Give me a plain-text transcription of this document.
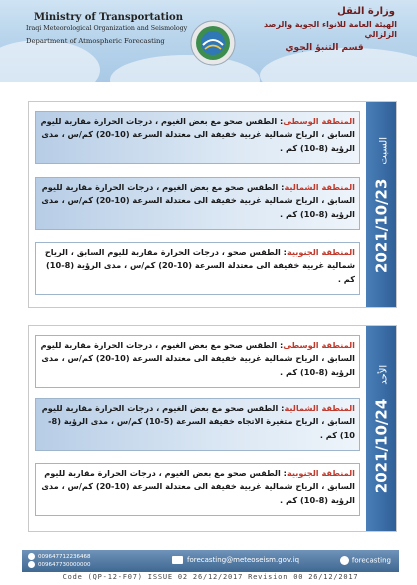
Ministry of Transportation
Iraqi Meteorological Organization and Seismology
Department of Atmospheric Forecasting
وزارة النقل
الهيئة العامة للانواء الجوية والرصد الزلزالي
قسم التنبؤ الجوي
2021/10/23السبت
المنطقة الوسطى: الطقس صحو مع بعض الغيوم ، درجات الحرارة مقاربة لليوم السابق ، الرياح شمالية غربية خفيفة الى معتدلة السرعة (10-20) كم/س ، مدى الرؤية (8-10) كم .
المنطقة الشمالية: الطقس صحو مع بعض الغيوم ، درجات الحرارة مقاربة لليوم السابق ، الرياح شمالية غربية خفيفة الى معتدلة السرعة (10-20) كم/س ، مدى الرؤية (8-10) كم .
المنطقة الجنوبية: الطقس صحو ، درجات الحرارة مقاربة لليوم السابق ، الرياح شمالية غربية خفيفة الى معتدلة السرعة (10-20) كم/س ، مدى الرؤية (8-10) كم .
2021/10/24الأحد
المنطقة الوسطى: الطقس صحو مع بعض الغيوم ، درجات الحرارة مقاربة لليوم السابق ، الرياح شمالية غربية خفيفة الى معتدلة السرعة (10-20) كم/س ، مدى الرؤية (8-10) كم .
المنطقة الشمالية: الطقس صحو مع بعض الغيوم ، درجات الحرارة مقاربة لليوم السابق ، الرياح متغيرة الاتجاه خفيفة السرعة (5-10) كم/س ، مدى الرؤية (8-10) كم .
المنطقة الجنوبية: الطقس صحو مع بعض الغيوم ، درجات الحرارة مقاربة لليوم السابق ، الرياح شمالية غربية خفيفة الى معتدلة السرعة (10-20) كم/س ، مدى الرؤية (8-10) كم .
009647712236468
009647730000000
forecasting@meteoseism.gov.iq	forecasting
Code (QP-12-F07) ISSUE 02 26/12/2017 Revision 00 26/12/2017
